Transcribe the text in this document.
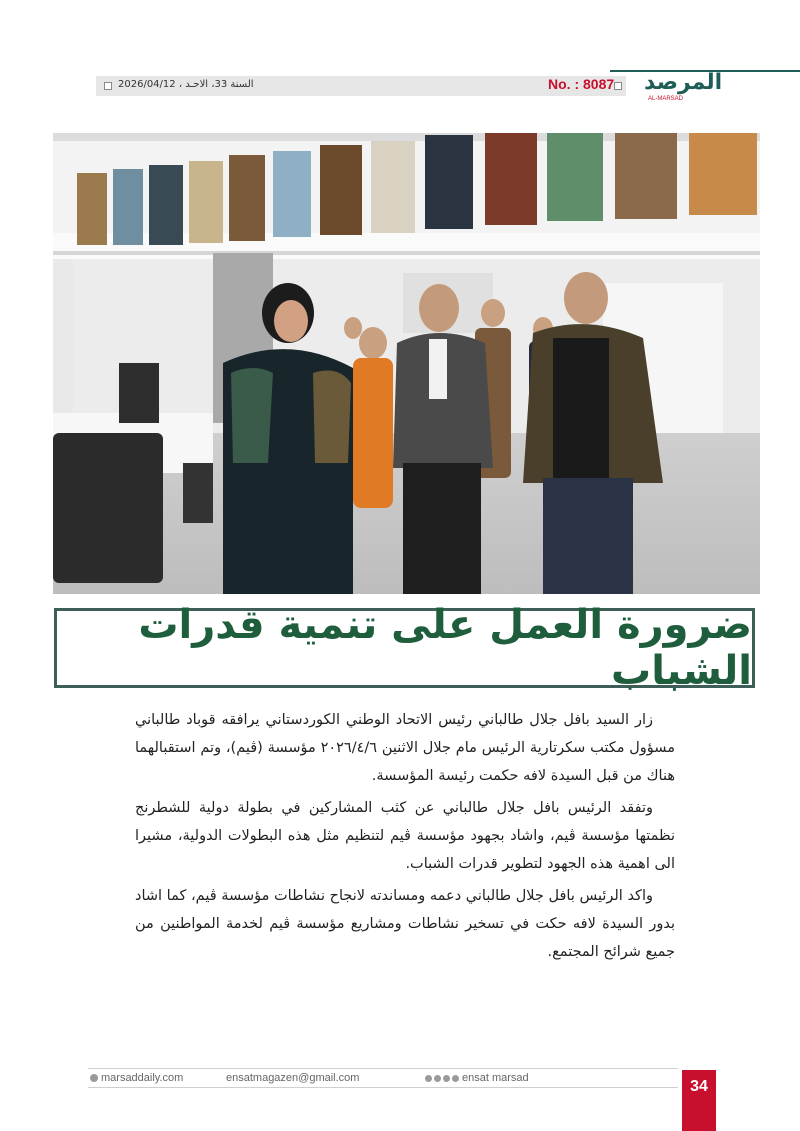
السنة 33، الاحـد ، 2026/04/12	No. : 8087 المرصد
AL-MARSAD
ضرورة العمل على تنمية قدرات الشباب

زار السيد بافل جلال طالباني رئيس الاتحاد الوطني الكوردستاني يرافقه قوباد طالباني مسؤول مكتب سكرتارية الرئيس مام جلال الاثنين ٢٠٢٦/٤/٦ مؤسسة (ڤيم)، وتم استقبالهما هناك من قبل السيدة لافه حكمت رئيسة المؤسسة.

وتفقد الرئيس بافل جلال طالباني عن كثب المشاركين في بطولة دولية للشطرنج نظمتها مؤسسة ڤيم، واشاد بجهود مؤسسة ڤيم لتنظيم مثل هذه البطولات الدولية، مشيرا الى اهمية هذه الجهود لتطوير قدرات الشباب.

واكد الرئيس بافل جلال طالباني دعمه ومساندته لانجاح نشاطات مؤسسة ڤيم، كما اشاد بدور السيدة لافه حكت في تسخير نشاطات ومشاريع مؤسسة ڤيم لخدمة المواطنين من جميع شرائح المجتمع.

marsaddaily.com	ensatmagazen@gmail.com	ensat marsad	34
